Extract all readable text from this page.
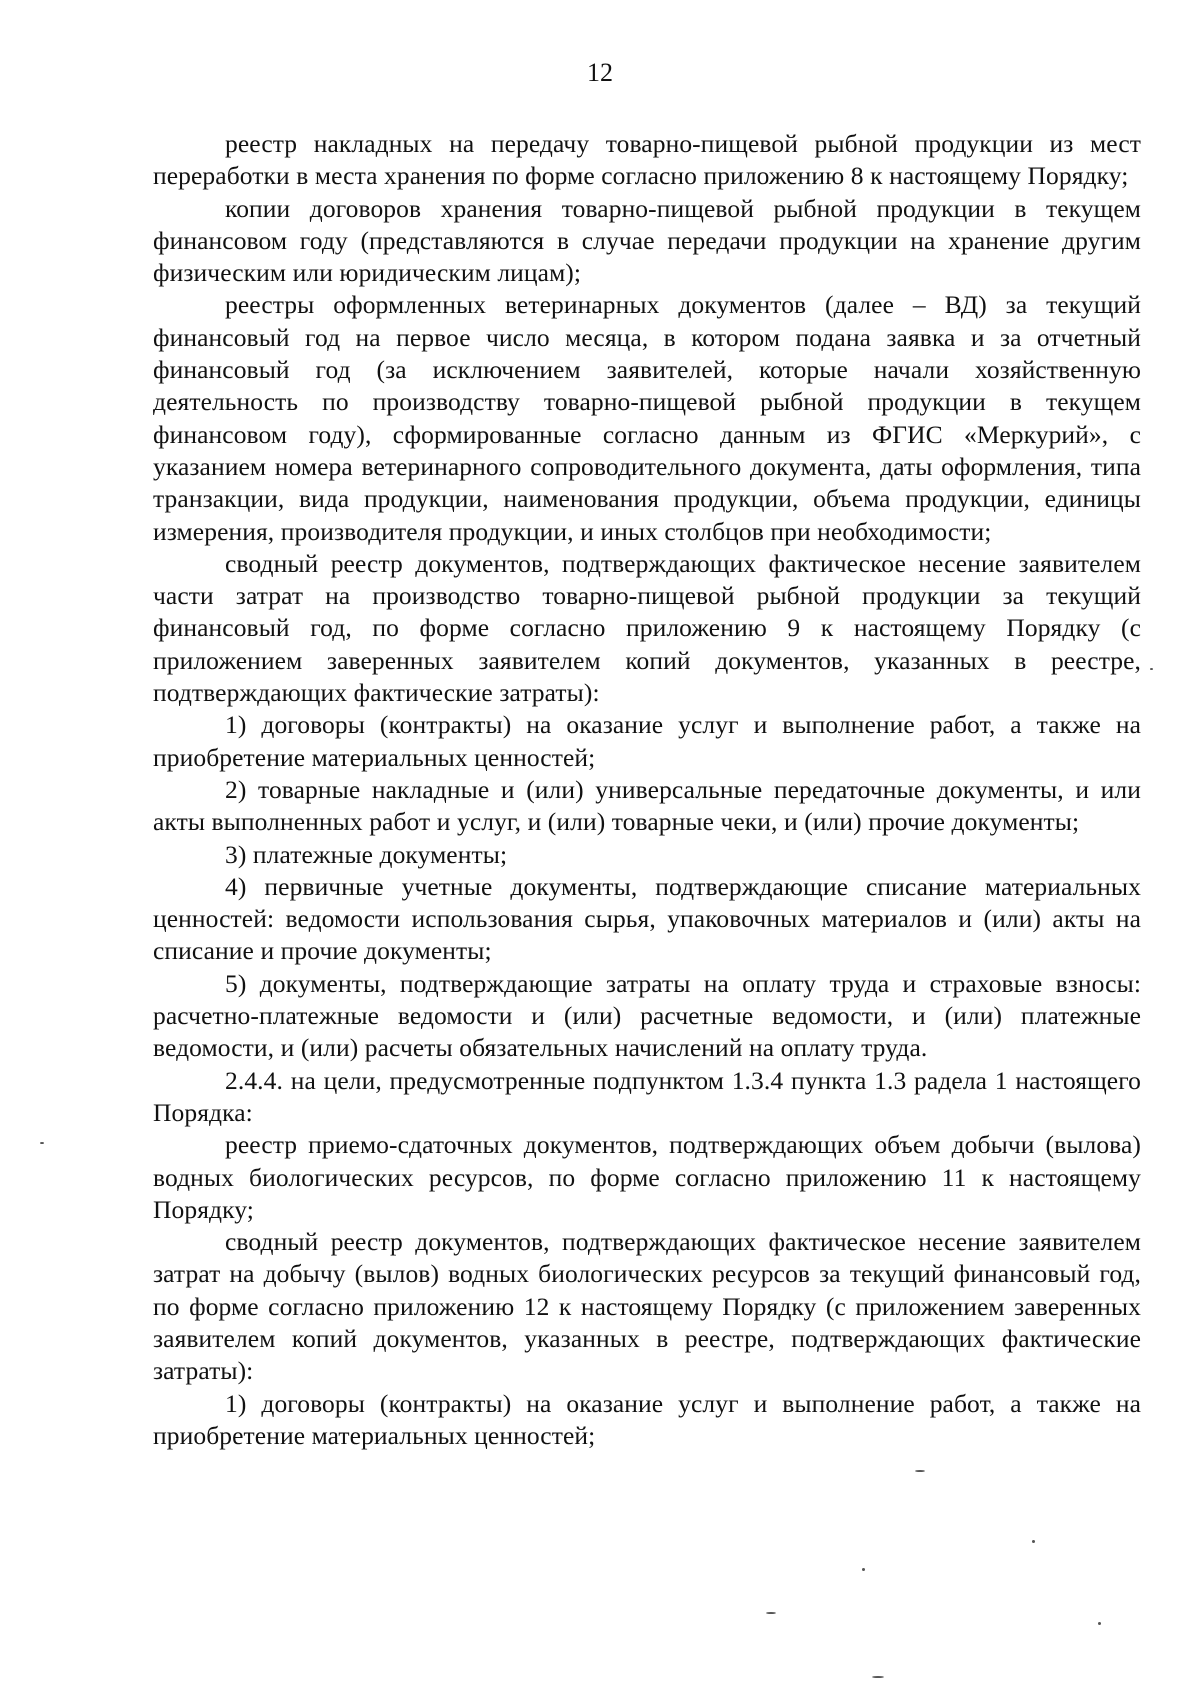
12

реестр накладных на передачу товарно-пищевой рыбной продукции из мест переработки в места хранения по форме согласно приложению 8 к настоящему Порядку;

копии договоров хранения товарно-пищевой рыбной продукции в текущем финансовом году (представляются в случае передачи продукции на хранение другим физическим или юридическим лицам);

реестры оформленных ветеринарных документов (далее – ВД) за текущий финансовый год на первое число месяца, в котором подана заявка и за отчетный финансовый год (за исключением заявителей, которые начали хозяйственную деятельность по производству товарно-пищевой рыбной продукции в текущем финансовом году), сформированные согласно данным из ФГИС «Меркурий», с указанием номера ветеринарного сопроводительного документа, даты оформления, типа транзакции, вида продукции, наименования продукции, объема продукции, единицы измерения, производителя продукции, и иных столбцов при необходимости;

сводный реестр документов, подтверждающих фактическое несение заявителем части затрат на производство товарно-пищевой рыбной продукции за текущий финансовый год, по форме согласно приложению 9 к настоящему Порядку (с приложением заверенных заявителем копий документов, указанных в реестре, подтверждающих фактические затраты):

1) договоры (контракты) на оказание услуг и выполнение работ, а также на приобретение материальных ценностей;

2) товарные накладные и (или) универсальные передаточные документы, и или акты выполненных работ и услуг, и (или) товарные чеки, и (или) прочие документы;

3) платежные документы;

4) первичные учетные документы, подтверждающие списание материальных ценностей: ведомости использования сырья, упаковочных материалов и (или) акты на списание и прочие документы;

5) документы, подтверждающие затраты на оплату труда и страховые взносы: расчетно-платежные ведомости и (или) расчетные ведомости, и (или) платежные ведомости, и (или) расчеты обязательных начислений на оплату труда.

2.4.4. на цели, предусмотренные подпунктом 1.3.4 пункта 1.3 радела 1 настоящего Порядка:

реестр приемо-сдаточных документов, подтверждающих объем добычи (вылова) водных биологических ресурсов, по форме согласно приложению 11 к настоящему Порядку;

сводный реестр документов, подтверждающих фактическое несение заявителем затрат на добычу (вылов) водных биологических ресурсов за текущий финансовый год, по форме согласно приложению 12 к настоящему Порядку (с приложением заверенных заявителем копий документов, указанных в реестре, подтверждающих фактические затраты):

1) договоры (контракты) на оказание услуг и выполнение работ, а также на приобретение материальных ценностей;
